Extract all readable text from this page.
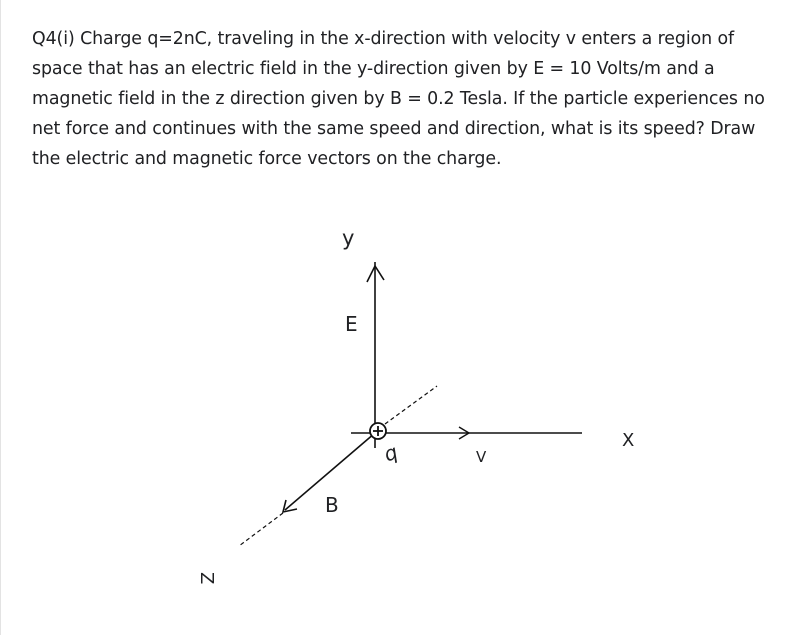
Q4(i) Charge q=2nC, traveling in the x-direction with velocity v enters a region of space that has an electric field in the y-direction given by E = 10 Volts/m and a magnetic field in the z direction given by B = 0.2 Tesla. If the particle experiences no net force and continues with the same speed and direction, what is its speed? Draw the electric and magnetic force vectors on the charge.

y
E
X
V
q
B
Z
